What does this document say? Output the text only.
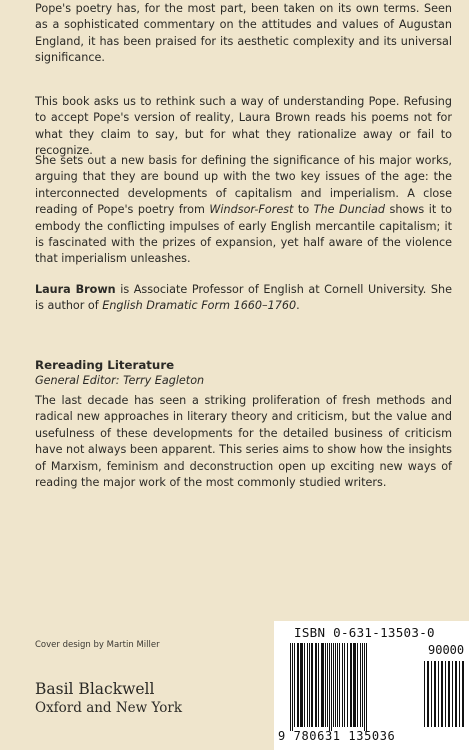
Pope's poetry has, for the most part, been taken on its own terms. Seen as a sophisticated commentary on the attitudes and values of Augustan England, it has been praised for its aesthetic complexity and its universal significance.

This book asks us to rethink such a way of understanding Pope. Refusing to accept Pope's version of reality, Laura Brown reads his poems not for what they claim to say, but for what they rationalize away or fail to recognize.

She sets out a new basis for defining the significance of his major works, arguing that they are bound up with the two key issues of the age: the interconnected developments of capitalism and imperialism. A close reading of Pope's poetry from Windsor-Forest to The Dunciad shows it to embody the conflicting impulses of early English mercantile capitalism; it is fascinated with the prizes of expansion, yet half aware of the violence that imperialism unleashes.

Laura Brown is Associate Professor of English at Cornell University. She is author of English Dramatic Form 1660–1760.

Rereading Literature
General Editor: Terry Eagleton

The last decade has seen a striking proliferation of fresh methods and radical new approaches in literary theory and criticism, but the value and usefulness of these developments for the detailed business of criticism have not always been apparent. This series aims to show how the insights of Marxism, feminism and deconstruction open up exciting new ways of reading the major work of the most commonly studied writers.

Cover design by Martin Miller
Basil Blackwell
Oxford and New York
ISBN 0-631-13503-0
90000
9 780631 135036
